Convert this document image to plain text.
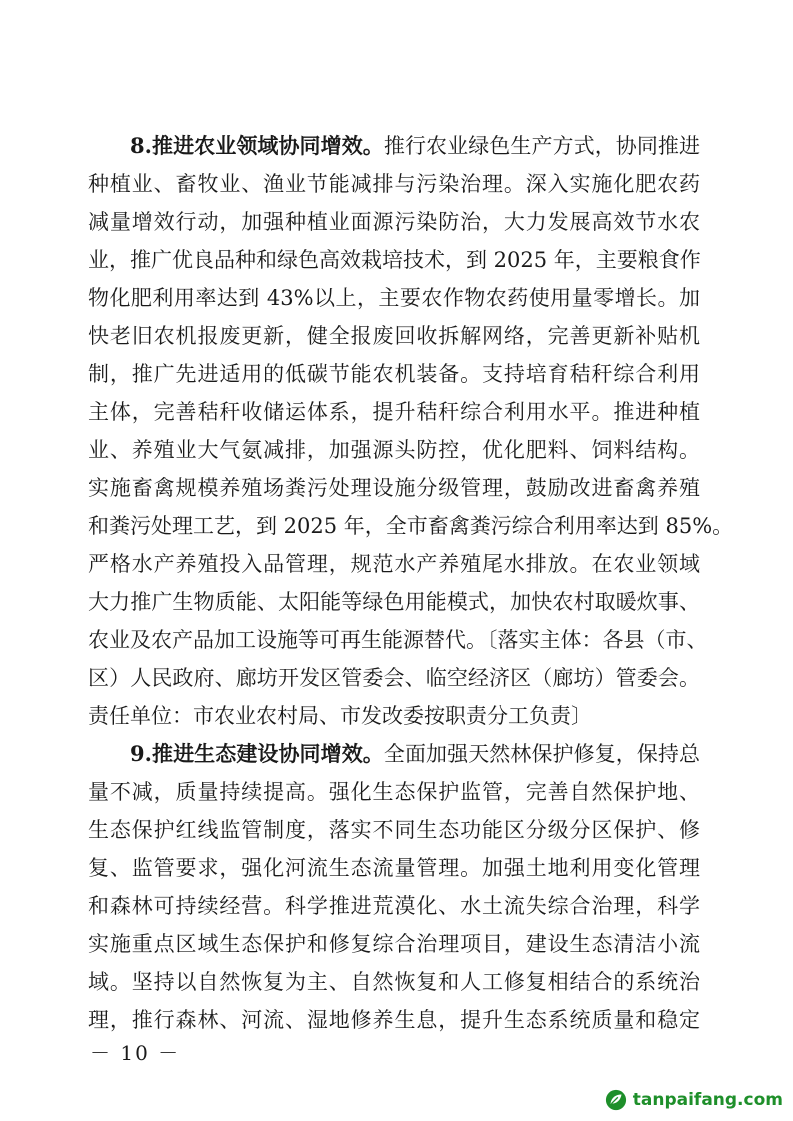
8.推进农业领域协同增效。推行农业绿色生产方式，协同推进
种植业、畜牧业、渔业节能减排与污染治理。深入实施化肥农药
减量增效行动，加强种植业面源污染防治，大力发展高效节水农
业，推广优良品种和绿色高效栽培技术，到 2025 年，主要粮食作
物化肥利用率达到 43%以上，主要农作物农药使用量零增长。加
快老旧农机报废更新，健全报废回收拆解网络，完善更新补贴机
制，推广先进适用的低碳节能农机装备。支持培育秸秆综合利用
主体，完善秸秆收储运体系，提升秸秆综合利用水平。推进种植
业、养殖业大气氨减排，加强源头防控，优化肥料、饲料结构。
实施畜禽规模养殖场粪污处理设施分级管理，鼓励改进畜禽养殖
和粪污处理工艺，到 2025 年，全市畜禽粪污综合利用率达到 85%。
严格水产养殖投入品管理，规范水产养殖尾水排放。在农业领域
大力推广生物质能、太阳能等绿色用能模式，加快农村取暖炊事、
农业及农产品加工设施等可再生能源替代。〔落实主体：各县（市、
区）人民政府、廊坊开发区管委会、临空经济区（廊坊）管委会。
责任单位：市农业农村局、市发改委按职责分工负责〕
9.推进生态建设协同增效。全面加强天然林保护修复，保持总
量不减，质量持续提高。强化生态保护监管，完善自然保护地、
生态保护红线监管制度，落实不同生态功能区分级分区保护、修
复、监管要求，强化河流生态流量管理。加强土地利用变化管理
和森林可持续经营。科学推进荒漠化、水土流失综合治理，科学
实施重点区域生态保护和修复综合治理项目，建设生态清洁小流
域。坚持以自然恢复为主、自然恢复和人工修复相结合的系统治
理，推行森林、河流、湿地修养生息，提升生态系统质量和稳定
－ 10 －
tanpaifang.com
